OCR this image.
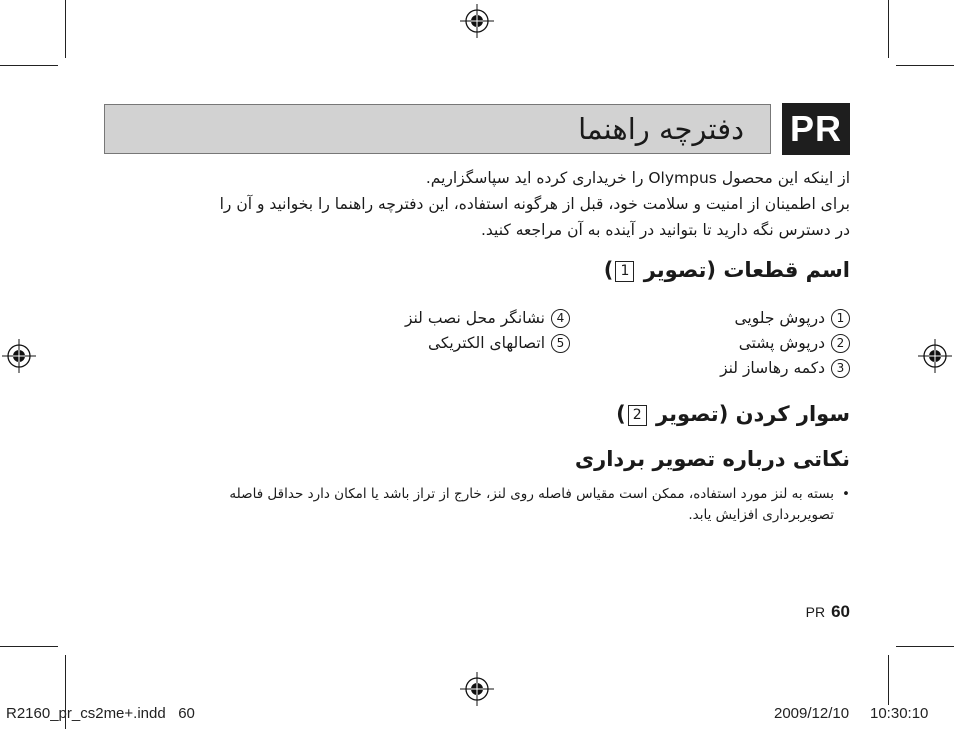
دفترچه راهنما PR
از اینکه این محصول Olympus را خریداری کرده اید سپاسگزاریم.
برای اطمینان از امنیت و سلامت خود، قبل از هرگونه استفاده، این دفترچه راهنما را بخوانید و آن را
در دسترس نگه دارید تا بتوانید در آینده به آن مراجعه کنید.
اسم قطعات (تصویر 1)
1درپوش جلویی
2درپوش پشتی
3دکمه رهاساز لنز
4نشانگر محل نصب لنز
5اتصالهای الکتریکی
سوار کردن (تصویر 2)
نکاتی درباره تصویر برداری
•بسته به لنز مورد استفاده، ممکن است مقیاس فاصله روی لنز، خارج از تراز باشد یا امکان دارد حداقل فاصله
تصویربرداری افزایش یابد.
PR 60
R2160_pr_cs2me+.indd   60	2009/12/10 10:30:10
